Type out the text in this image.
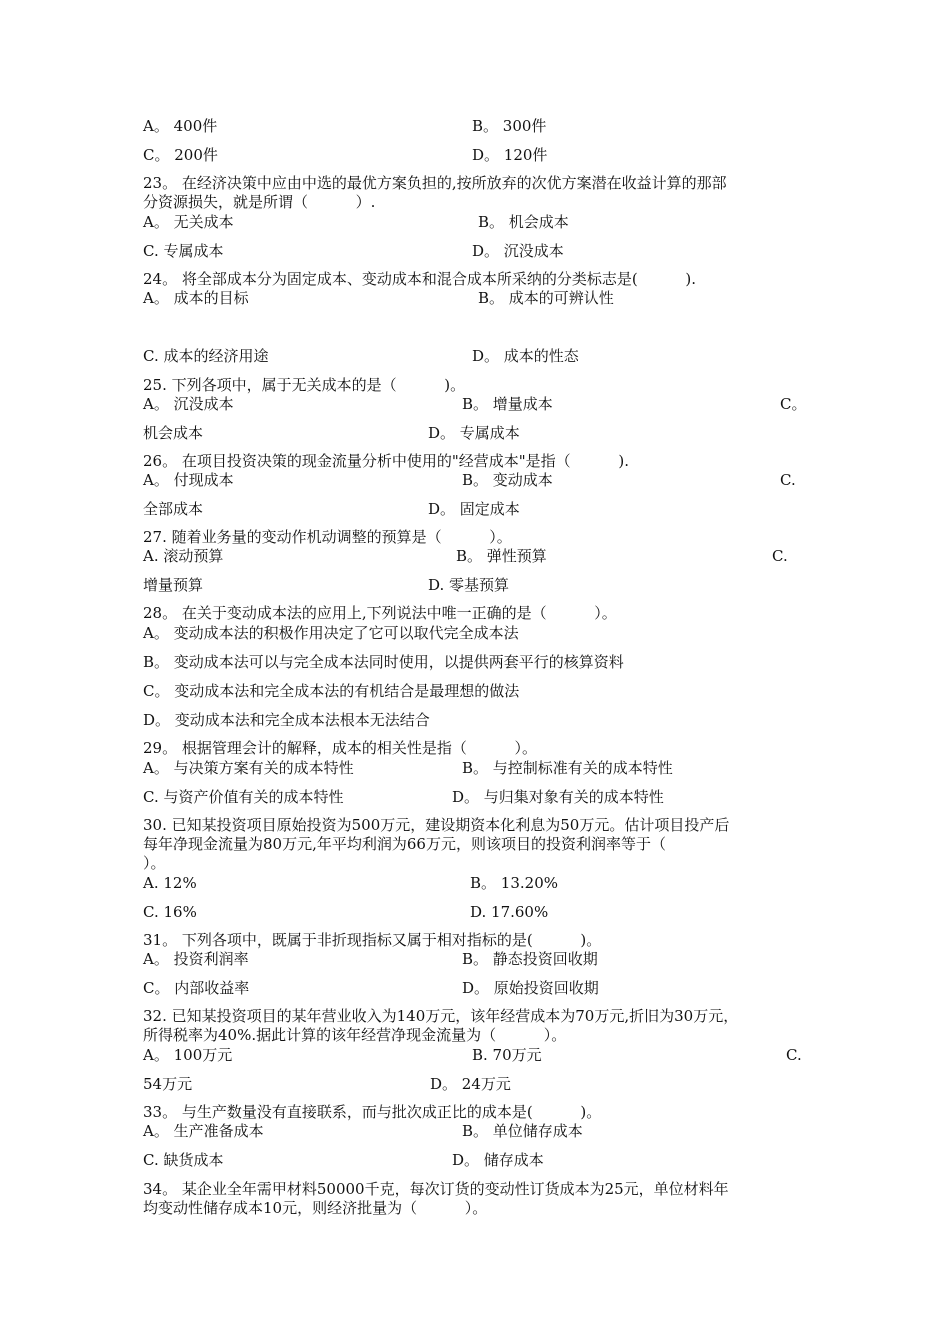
A。 400件	B。 300件
C。 200件	D。 120件
23。 在经济决策中应由中选的最优方案负担的,按所放弃的次优方案潜在收益计算的那部
分资源损失，就是所谓（          ）.
A。 无关成本	B。 机会成本
C. 专属成本	D。 沉没成本
24。 将全部成本分为固定成本、变动成本和混合成本所采纳的分类标志是(          ).
A。 成本的目标	B。 成本的可辨认性
C. 成本的经济用途	D。 成本的性态
25. 下列各项中，属于无关成本的是（          )。
A。 沉没成本	B。 增量成本	C。
机会成本	D。 专属成本
26。 在项目投资决策的现金流量分析中使用的"经营成本"是指（          ).
A。 付现成本	B。 变动成本	C.
全部成本	D。 固定成本
27. 随着业务量的变动作机动调整的预算是（          ）。
A. 滚动预算	B。 弹性预算	C.
增量预算	D. 零基预算
28。 在关于变动成本法的应用上,下列说法中唯一正确的是（          ）。
A。 变动成本法的积极作用决定了它可以取代完全成本法
B。 变动成本法可以与完全成本法同时使用，以提供两套平行的核算资料
C。 变动成本法和完全成本法的有机结合是最理想的做法
D。 变动成本法和完全成本法根本无法结合
29。 根据管理会计的解释，成本的相关性是指（          ）。
A。 与决策方案有关的成本特性	B。 与控制标准有关的成本特性
C. 与资产价值有关的成本特性	D。 与归集对象有关的成本特性
30. 已知某投资项目原始投资为500万元，建设期资本化利息为50万元。估计项目投产后
每年净现金流量为80万元,年平均利润为66万元，则该项目的投资利润率等于（
）。
A. 12%	B。 13.20%
C. 16%	D. 17.60%
31。 下列各项中，既属于非折现指标又属于相对指标的是(          )。
A。 投资利润率	B。 静态投资回收期
C。 内部收益率	D。 原始投资回收期
32. 已知某投资项目的某年营业收入为140万元，该年经营成本为70万元,折旧为30万元，
所得税率为40%.据此计算的该年经营净现金流量为（          ）。
A。 100万元	B. 70万元	C.
54万元	D。 24万元
33。 与生产数量没有直接联系，而与批次成正比的成本是(          )。
A。 生产准备成本	B。 单位储存成本
C. 缺货成本	D。 储存成本
34。 某企业全年需甲材料50000千克，每次订货的变动性订货成本为25元，单位材料年
均变动性储存成本10元，则经济批量为（          ）。
